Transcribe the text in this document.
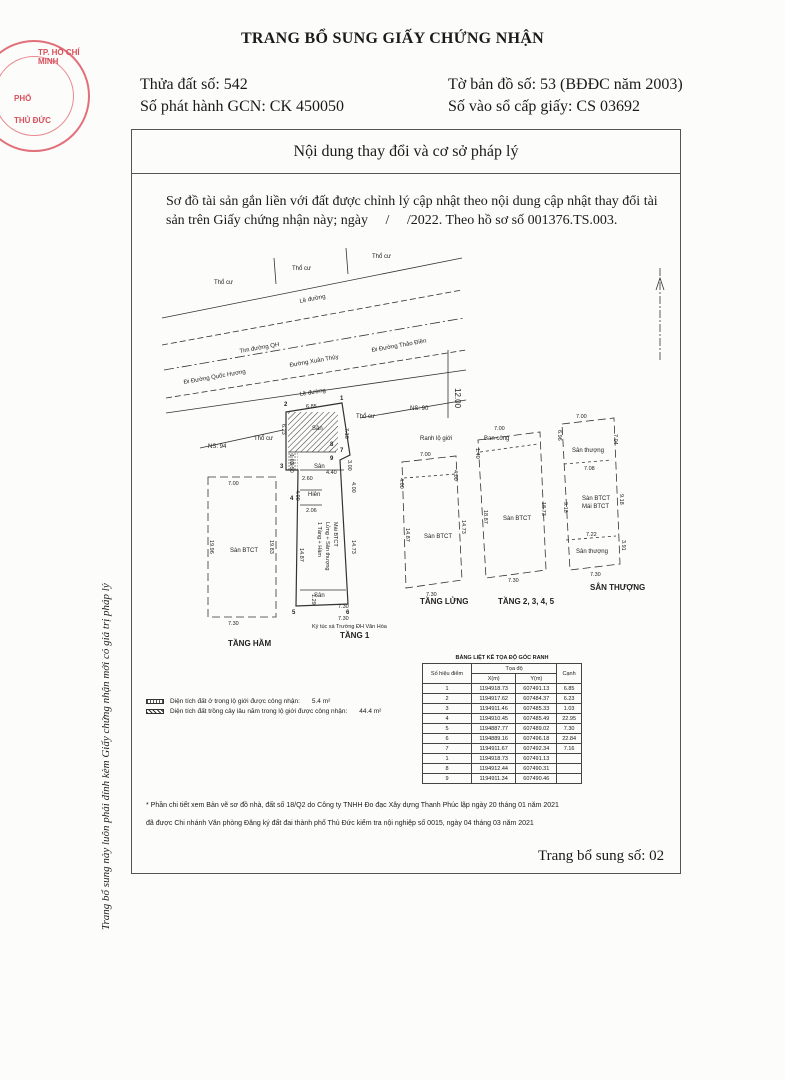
TP. HỒ CHÍ MINH
PHỐ
THỦ ĐỨC
TRANG BỔ SUNG GIẤY CHỨNG NHẬN
Thửa đất số: 542	Tờ bản đồ số: 53 (BĐĐC năm 2003)
Số phát hành GCN: CK 450050	Số vào sổ cấp giấy: CS 03692
Trang bổ sung này luôn phải đính kèm Giấy chứng nhận mới có giá trị pháp lý
Nội dung thay đổi và cơ sở pháp lý
Sơ đồ tài sản gắn liền với đất được chỉnh lý cập nhật theo nội dung cập nhật thay đổi tài
sản trên Giấy chứng nhận này; ngày     /     /2022. Theo hồ sơ số 001376.TS.003.
Thổ cư
Thổ cư
Thổ cư
Lề đường
Tim đường QH
Đường Xuân Thủy
Đi Đường Quốc Hương
Đi Đường Thảo Điền
Lề đường	12.00
NS: 94
Thổ cư
Thổ cư
NS: 90
Ký túc xá Trường ĐH Văn Hóa
TẦNG HẦM
TẦNG 1
TẦNG LỬNG	TẦNG 2, 3, 4, 5
SÂN THƯỢNG
Sàn BTCT
Sàn BTCT
Sàn BTCT
Sàn BTCT
Mái BTCT
Sân thượng
Sân thượng
Ban công
Ranh lộ giới
Hiên
Sân
Sân
Sân
Lửng + Sân thượng Mái BTCT
1 Tầng + Hầm
7.00
7.30
19.96	19.83
6.85
6.23
1.03
3.50
2.60
4.40
3.00
4.00
4.00
2.06
14.87
14.73
1.29
7.30
7.30
7.16
7.00
4.00
4.00
14.87
14.73
7.30
7.00
1.40
18.87
18.73
7.30
7.00
6.96	7.04
7.08
9.18
9.18
7.22
3.91
7.30
1
2
3
4
5	6
7
8
9
BẢNG LIỆT KÊ TỌA ĐỘ GÓC RANH
Số hiệu điểm	Tọa độ		Cạnh
	X(m)	Y(m)	
1	1194918.73	607491.13	6.85
2	1194917.62	607484.37	6.23
3	1194911.46	607485.33	1.03
4	1194910.45	607485.49	22.95
5	1194887.77	607489.02	7.30
6	1194889.16	607496.18	22.84
7	1194911.67	607492.34	7.16
1	1194918.73	607491.13	
8	1194912.44	607490.31	
9	1194911.34	607490.46	
Diện tích đất ở trong lộ giới được công nhận: 5.4 m²
Diện tích đất trồng cây lâu năm trong lộ giới được công nhận: 44.4 m²
* Phần chi tiết xem Bản vẽ sơ đồ nhà, đất số 18/Q2 do Công ty TNHH Đo đạc Xây dựng Thanh Phúc lập ngày 20 tháng 01 năm 2021
đã được Chi nhánh Văn phòng Đăng ký đất đai thành phố Thủ Đức kiểm tra nội nghiệp số 0015, ngày 04 tháng 03 năm 2021
Trang bổ sung số: 02
